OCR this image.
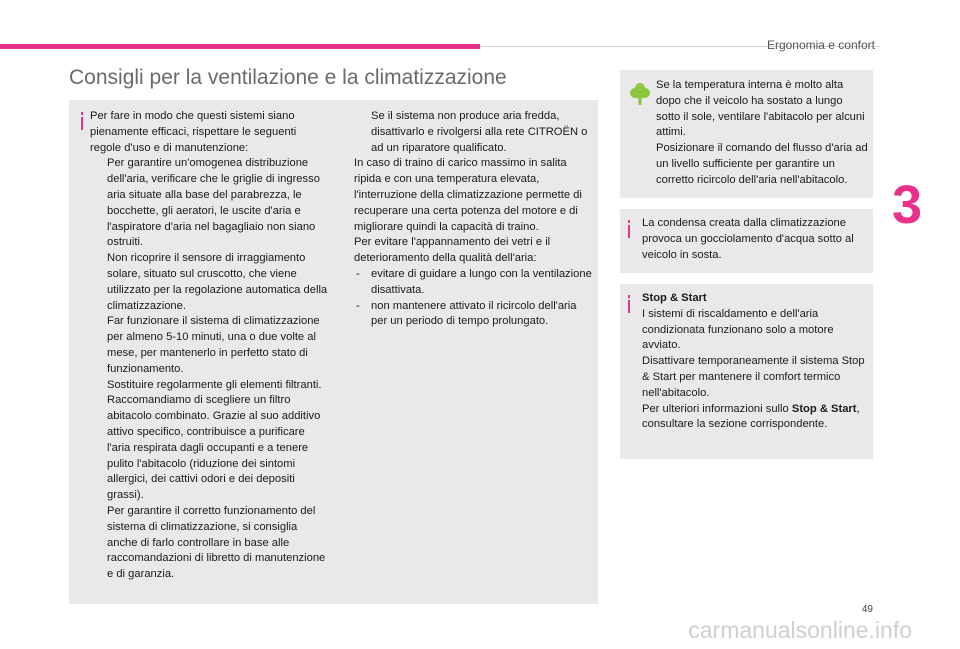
Ergonomia e confort
3
Consigli per la ventilazione e la climatizzazione

Per fare in modo che questi sistemi siano pienamente efficaci, rispettare le seguenti regole d'uso e di manutenzione:

Per garantire un'omogenea distribuzione dell'aria, verificare che le griglie di ingresso aria situate alla base del parabrezza, le bocchette, gli aeratori, le uscite d'aria e l'aspiratore d'aria nel bagagliaio non siano ostruiti.
Non ricoprire il sensore di irraggiamento solare, situato sul cruscotto, che viene utilizzato per la regolazione automatica della climatizzazione.
Far funzionare il sistema di climatizzazione per almeno 5-10 minuti, una o due volte al mese, per mantenerlo in perfetto stato di funzionamento.
Sostituire regolarmente gli elementi filtranti. Raccomandiamo di scegliere un filtro abitacolo combinato. Grazie al suo additivo attivo specifico, contribuisce a purificare l'aria respirata dagli occupanti e a tenere pulito l'abitacolo (riduzione dei sintomi allergici, dei cattivi odori e dei depositi grassi).
Per garantire il corretto funzionamento del sistema di climatizzazione, si consiglia anche di farlo controllare in base alle raccomandazioni di libretto di manutenzione e di garanzia.
Se il sistema non produce aria fredda, disattivarlo e rivolgersi alla rete CITROËN o ad un riparatore qualificato.

In caso di traino di carico massimo in salita ripida e con una temperatura elevata, l'interruzione della climatizzazione permette di recuperare una certa potenza del motore e di migliorare quindi la capacità di traino.

Per evitare l'appannamento dei vetri e il deterioramento della qualità dell'aria:

- evitare di guidare a lungo con la ventilazione disattivata.
- non mantenere attivato il ricircolo dell'aria per un periodo di tempo prolungato.

Se la temperatura interna è molto alta dopo che il veicolo ha sostato a lungo sotto il sole, ventilare l'abitacolo per alcuni attimi.

Posizionare il comando del flusso d'aria ad un livello sufficiente per garantire un corretto ricircolo dell'aria nell'abitacolo.

La condensa creata dalla climatizzazione provoca un gocciolamento d'acqua sotto al veicolo in sosta.

Stop & Start

I sistemi di riscaldamento e dell'aria condizionata funzionano solo a motore avviato.

Disattivare temporaneamente il sistema Stop & Start per mantenere il comfort termico nell'abitacolo.

Per ulteriori informazioni sullo Stop & Start, consultare la sezione corrispondente.

49
carmanualsonline.info
